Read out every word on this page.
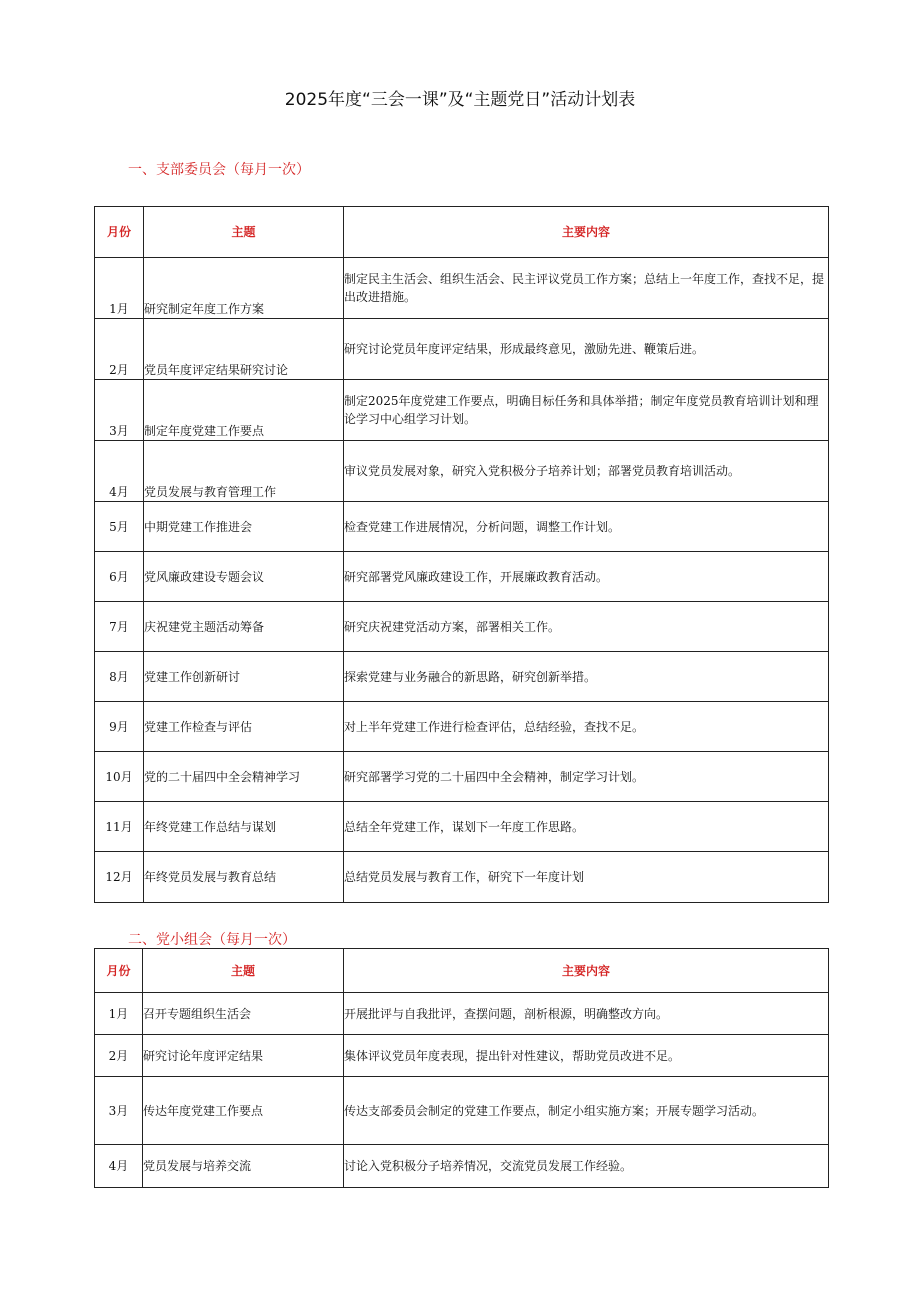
2025年度“三会一课”及“主题党日”活动计划表
一、支部委员会（每月一次）
月份	主题	主要内容
1月	研究制定年度工作方案	制定民主生活会、组织生活会、民主评议党员工作方案；总结上一年度工作，查找不足，提出改进措施。
2月	党员年度评定结果研究讨论	研究讨论党员年度评定结果，形成最终意见，激励先进、鞭策后进。
3月	制定年度党建工作要点	制定2025年度党建工作要点，明确目标任务和具体举措；制定年度党员教育培训计划和理论学习中心组学习计划。
4月	党员发展与教育管理工作	审议党员发展对象，研究入党积极分子培养计划；部署党员教育培训活动。
5月	中期党建工作推进会	检查党建工作进展情况，分析问题，调整工作计划。
6月	党风廉政建设专题会议	研究部署党风廉政建设工作，开展廉政教育活动。
7月	庆祝建党主题活动筹备	研究庆祝建党活动方案，部署相关工作。
8月	党建工作创新研讨	探索党建与业务融合的新思路，研究创新举措。
9月	党建工作检查与评估	对上半年党建工作进行检查评估，总结经验，查找不足。
10月	党的二十届四中全会精神学习	研究部署学习党的二十届四中全会精神，制定学习计划。
11月	年终党建工作总结与谋划	总结全年党建工作，谋划下一年度工作思路。
12月	年终党员发展与教育总结	总结党员发展与教育工作，研究下一年度计划
二、党小组会（每月一次）
月份	主题	主要内容
1月	召开专题组织生活会	开展批评与自我批评，查摆问题，剖析根源，明确整改方向。
2月	研究讨论年度评定结果	集体评议党员年度表现，提出针对性建议，帮助党员改进不足。
3月	传达年度党建工作要点	传达支部委员会制定的党建工作要点，制定小组实施方案；开展专题学习活动。
4月	党员发展与培养交流	讨论入党积极分子培养情况，交流党员发展工作经验。
